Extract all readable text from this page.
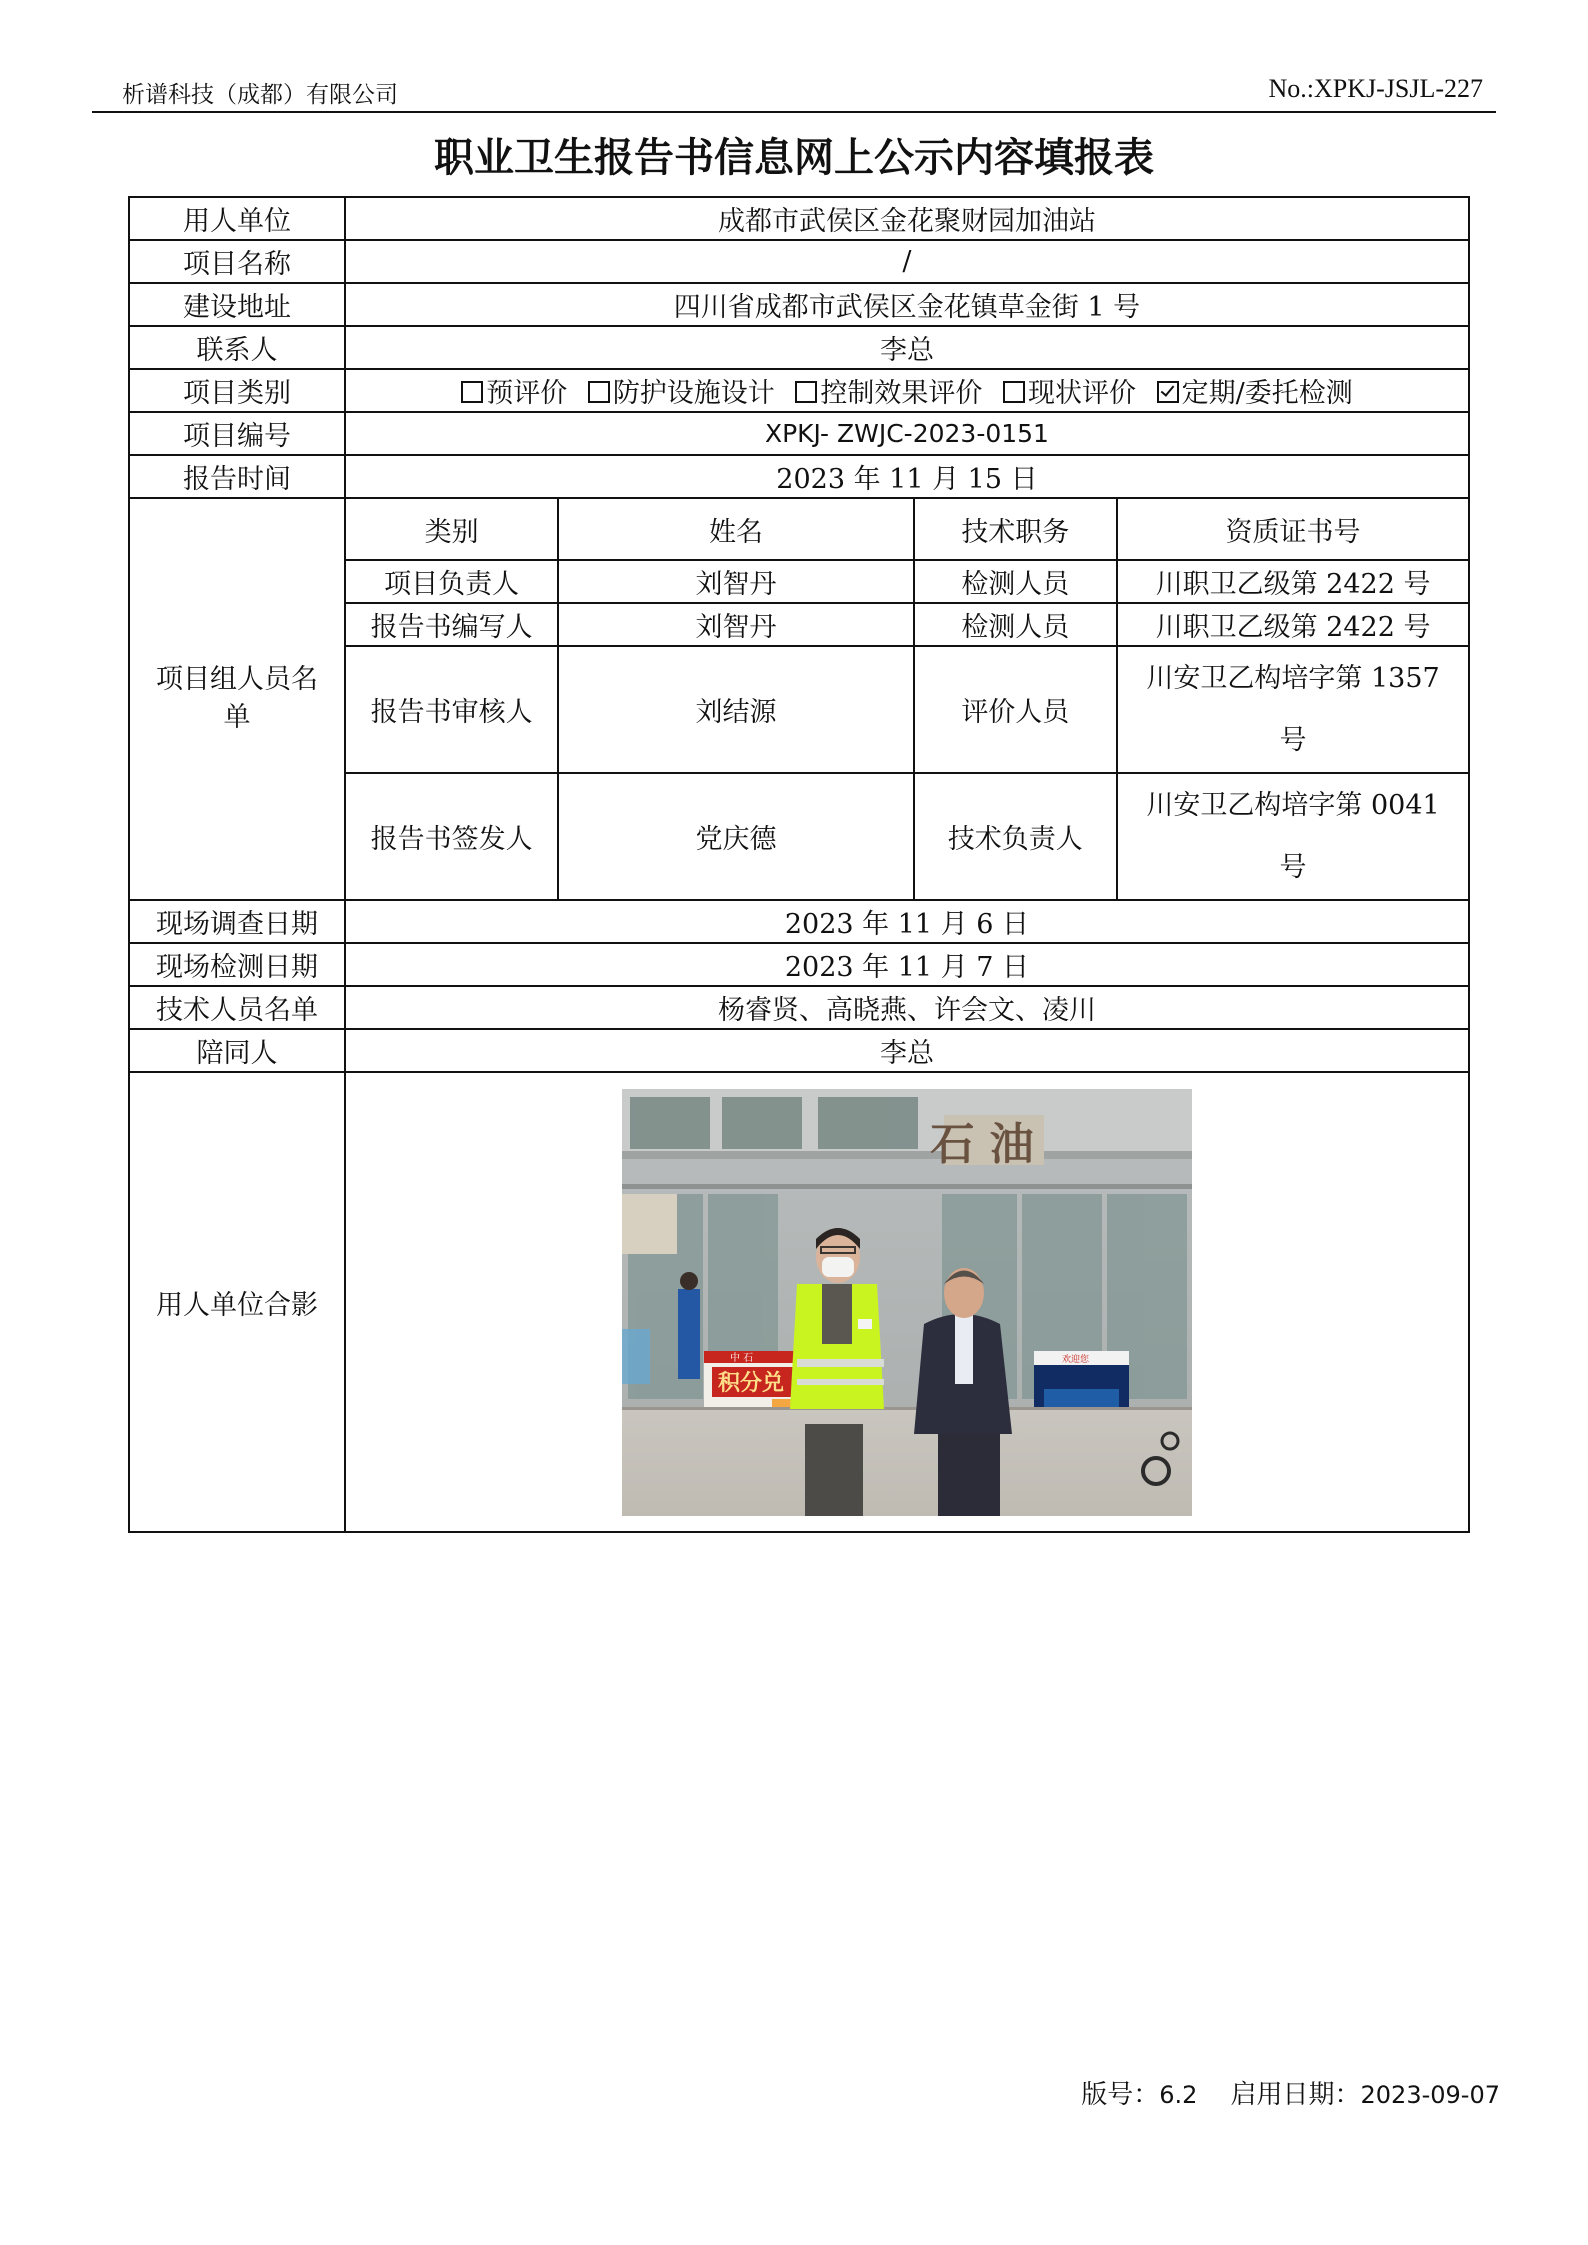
析谱科技（成都）有限公司	No.:XPKJ-JSJL-227
职业卫生报告书信息网上公示内容填报表
用人单位	成都市武侯区金花聚财园加油站			
项目名称	/			
建设地址	四川省成都市武侯区金花镇草金街 1 号			
联系人	李总			
项目类别	预评价 防护设施设计 控制效果评价 现状评价 定期/委托检测			
项目编号	XPKJ- ZWJC-2023-0151			
报告时间	2023 年 11 月 15 日			
项目组人员名单	类别	姓名	技术职务	资质证书号
	项目负责人	刘智丹	检测人员	川职卫乙级第 2422 号
	报告书编写人	刘智丹	检测人员	川职卫乙级第 2422 号
	报告书审核人	刘结源	评价人员	川安卫乙构培字第 1357 号
	报告书签发人	党庆德	技术负责人	川安卫乙构培字第 0041 号
现场调查日期	2023 年 11 月 6 日			
现场检测日期	2023 年 11 月 7 日			
技术人员名单	杨睿贤、高晓燕、许会文、凌川			
陪同人	李总			
用人单位合影	石 油
中 石
积分兑
欢迎您			
版号：6.2 启用日期：2023-09-07
